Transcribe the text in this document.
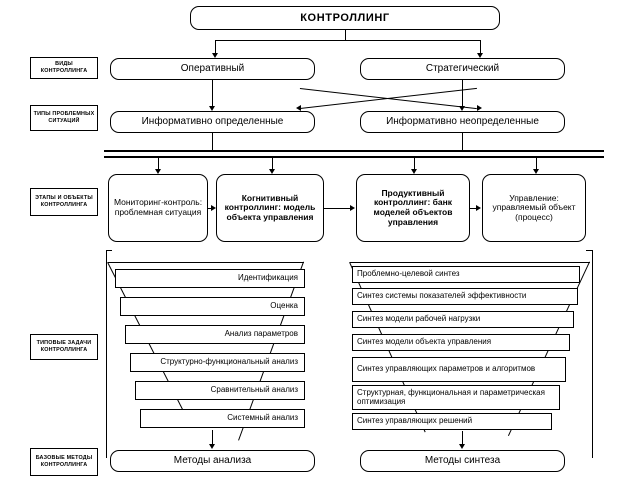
КОНТРОЛЛИНГ
ВИДЫ КОНТРОЛЛИНГА
ТИПЫ ПРОБЛЕМНЫХ СИТУАЦИЙ
ЭТАПЫ И ОБЪЕКТЫ КОНТРОЛЛИНГА
ТИПОВЫЕ ЗАДАЧИ КОНТРОЛЛИНГА
БАЗОВЫЕ МЕТОДЫ КОНТРОЛЛИНГА
Оперативный	Стратегический
Информативно определенные	Информативно неопределенные
Мониторинг-контроль: проблемная ситуация
Когнитивный контроллинг: модель объекта управления
Продуктивный контроллинг: банк моделей объектов управления
Управление: управляемый объект (процесс)
Идентификация
Оценка
Анализ параметров
Структурно-функциональный анализ
Сравнительный анализ
Системный анализ
Проблемно-целевой синтез
Синтез системы показателей эффективности
Синтез модели рабочей нагрузки
Синтез модели объекта управления
Синтез управляющих параметров и алгоритмов
Структурная, функциональная и параметрическая оптимизация
Синтез управляющих решений
Методы анализа	Методы синтеза
